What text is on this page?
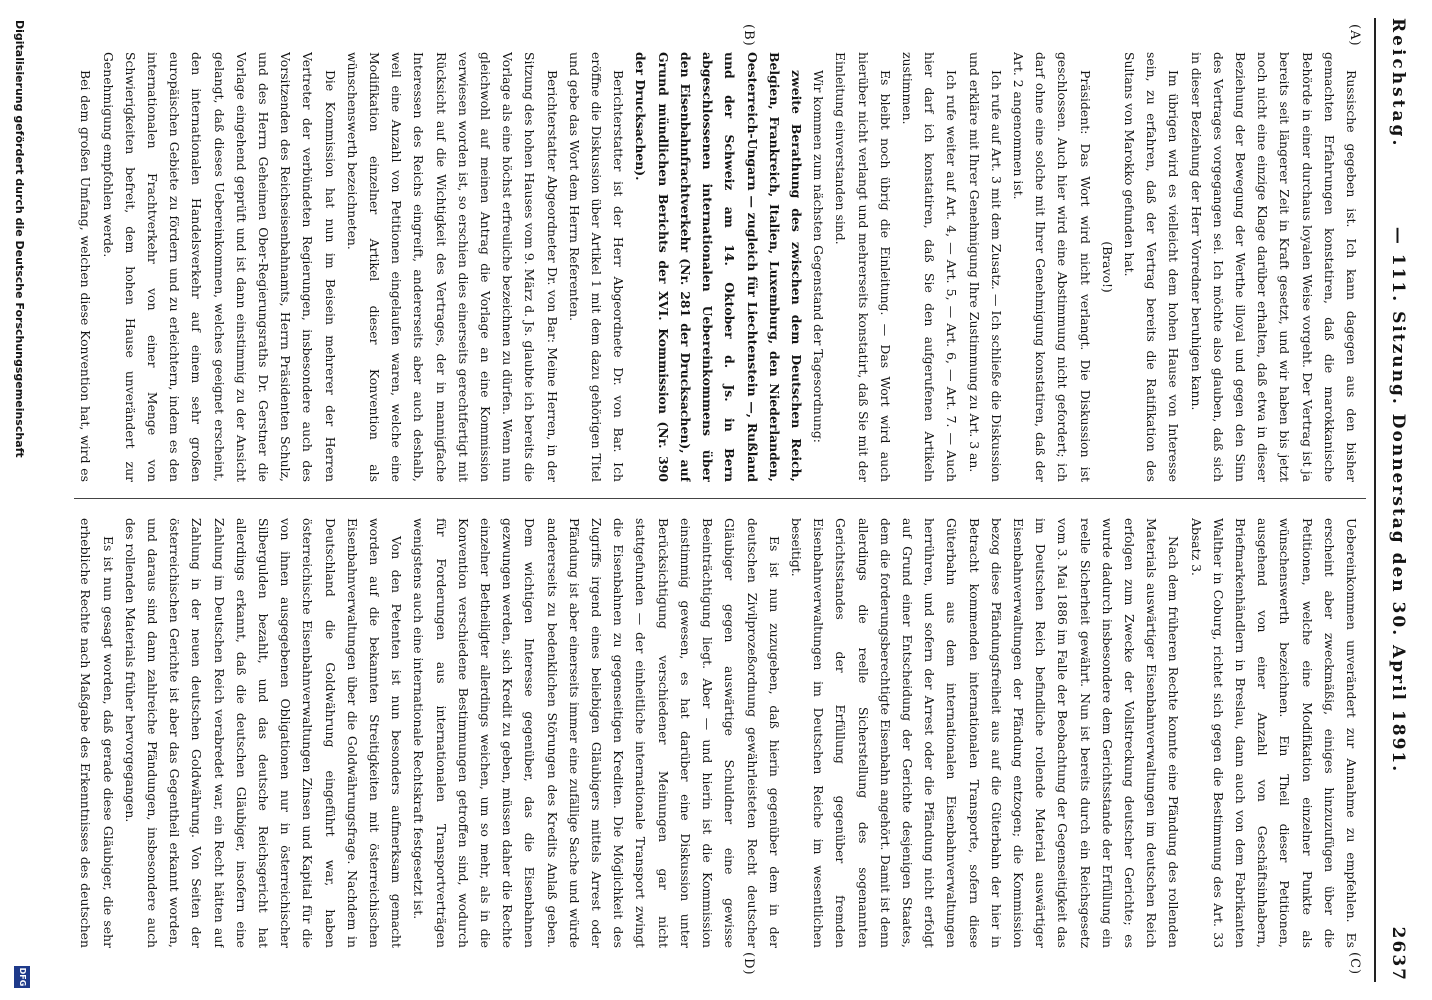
Reichstag.
— 111. Sitzung. Donnerstag den 30. April 1891.
2637
(A)
(B)
(C)
(D)

Russische gegeben ist. Ich kann dagegen aus den bisher gemachten Erfahrungen konstatiren, daß die marokkanische Behörde in einer durchaus loyalen Weise vorgeht. Der Vertrag ist ja bereits seit längerer Zeit in Kraft gesetzt, und wir haben bis jetzt noch nicht eine einzige Klage darüber erhalten, daß etwa in dieser Beziehung der Bewegung der Werthe illoyal und gegen den Sinn des Vertrages vorgegangen sei. Ich möchte also glauben, daß sich in dieser Beziehung der Herr Vorredner beruhigen kann.

Im übrigen wird es vielleicht dem hohen Hause von Interesse sein, zu erfahren, daß der Vertrag bereits die Ratifikation des Sultans von Marokko gefunden hat.

(Bravo!)

Präsident: Das Wort wird nicht verlangt. Die Diskussion ist geschlossen. Auch hier wird eine Abstimmung nicht gefordert; ich darf ohne eine solche mit Ihrer Genehmigung konstatiren, daß der Art. 2 angenommen ist.

Ich rufe auf Art. 3 mit dem Zusatz. — Ich schließe die Diskussion und erkläre mit Ihrer Genehmigung Ihre Zustimmung zu Art. 3 an.

Ich rufe weiter auf Art. 4, — Art. 5, — Art. 6, — Art. 7. — Auch hier darf ich konstatiren, daß Sie den aufgerufenen Artikeln zustimmen.

Es bleibt noch übrig die Einleitung. — Das Wort wird auch hierüber nicht verlangt und mehrerseits konstatirt, daß Sie mit der Einleitung einverstanden sind.

Wir kommen zum nächsten Gegenstand der Tagesordnung:

zweite Berathung des zwischen dem Deutschen Reich, Belgien, Frankreich, Italien, Luxemburg, den Niederlanden, Oesterreich-Ungarn — zugleich für Liechtenstein —, Rußland und der Schweiz am 14. Oktober d. Js. in Bern abgeschlossenen internationalen Uebereinkommens über den Eisenbahnfrachtverkehr (Nr. 281 der Drucksachen), auf Grund mündlichen Berichts der XVI. Kommission (Nr. 390 der Drucksachen).

Berichterstatter ist der Herr Abgeordnete Dr. von Bar. Ich eröffne die Diskussion über Artikel 1 mit dem dazu gehörigen Titel und gebe das Wort dem Herrn Referenten.

Berichterstatter Abgeordneter Dr. von Bar: Meine Herren, in der Sitzung des hohen Hauses vom 9. März d. Js. glaubte ich bereits die Vorlage als eine höchst erfreuliche bezeichnen zu dürfen. Wenn nun gleichwohl auf meinen Antrag die Vorlage an eine Kommission verwiesen worden ist, so erschien dies einerseits gerechtfertigt mit Rücksicht auf die Wichtigkeit des Vertrages, der in mannigfache Interessen des Reichs eingreift, andererseits aber auch deshalb, weil eine Anzahl von Petitionen eingelaufen waren, welche eine Modifikation einzelner Artikel dieser Konvention als wünschenswerth bezeichneten.

Die Kommission hat nun im Beisein mehrerer der Herren Vertreter der verbündeten Regierungen, insbesondere auch des Vorsitzenden des Reichseisenbahnamts, Herrn Präsidenten Schulz, und des Herrn Geheimen Ober-Regierungsraths Dr. Gerstner die Vorlage eingehend geprüft und ist dann einstimmig zu der Ansicht gelangt, daß dieses Uebereinkommen, welches geeignet erscheint, den internationalen Handelsverkehr auf einem sehr großen europäischen Gebiete zu fördern und zu erleichtern, indem es den internationalen Frachtverkehr von einer Menge von Schwierigkeiten befreit, dem hohen Hause unverändert zur Genehmigung empfohlen werde.

Bei dem großen Umfang, welchen diese Konvention hat, wird es

Uebereinkommen unverändert zur Annahme zu empfehlen. Es erscheint aber zweckmäßig, einiges hinzuzufügen über die Petitionen, welche eine Modifikation einzelner Punkte als wünschenswerth bezeichnen. Ein Theil dieser Petitionen, ausgehend von einer Anzahl von Geschäftsinhabern, Briefmarkenhändlern in Breslau, dann auch von dem Fabrikanten Walther in Coburg, richtet sich gegen die Bestimmung des Art. 33 Absatz 3.

Nach dem früheren Rechte konnte eine Pfändung des rollenden Materials auswärtiger Eisenbahnverwaltungen im deutschen Reich erfolgen zum Zwecke der Vollstreckung deutscher Gerichte; es wurde dadurch insbesondere dem Gerichtsstande der Erfüllung ein reelle Sicherheit gewährt. Nun ist bereits durch ein Reichsgesetz vom 3. Mai 1886 im Falle der Beobachtung der Gegenseitigkeit das im Deutschen Reich befindliche rollende Material auswärtiger Eisenbahnverwaltungen der Pfändung entzogen; die Kommission bezog diese Pfändungsfreiheit aus auf die Güterbahn der hier in Betracht kommenden internationalen Transporte, sofern diese Güterbahn aus dem internationalen Eisenbahnverwaltungen herrühren, und sofern der Arrest oder die Pfändung nicht erfolgt auf Grund einer Entscheidung der Gerichte desjenigen Staates, dem die forderungsberechtigte Eisenbahn angehört. Damit ist denn allerdings die reelle Sicherstellung des sogenannten Gerichtsstandes der Erfüllung gegenüber fremden Eisenbahnverwaltungen im Deutschen Reiche im wesentlichen beseitigt.

Es ist nun zuzugeben, daß hierin gegenüber dem in der deutschen Zivilprozeßordnung gewährleisteten Recht deutscher Gläubiger gegen auswärtige Schuldner eine gewisse Beeinträchtigung liegt. Aber — und hierin ist die Kommission einstimmig gewesen, es hat darüber eine Diskussion unter Berücksichtigung verschiedener Meinungen gar nicht stattgefunden — der einheitliche internationale Transport zwingt die Eisenbahnen zu gegenseitigen Krediten. Die Möglichkeit des Zugriffs irgend eines beliebigen Gläubigers mittels Arrest oder Pfändung ist aber einerseits immer eine zufällige Sache und würde andererseits zu bedenklichen Störungen des Kredits Anlaß geben. Dem wichtigen Interesse gegenüber, das die Eisenbahnen gezwungen werden, sich Kredit zu geben, müssen daher die Rechte einzelner Betheiligter allerdings weichen, um so mehr, als in die Konvention verschiedene Bestimmungen getroffen sind, wodurch für Forderungen aus internationalen Transportverträgen wenigstens auch eine internationale Rechtskraft festgesetzt ist.

Von den Petenten ist nun besonders aufmerksam gemacht worden auf die bekannten Streitigkeiten mit österreichischen Eisenbahnverwaltungen über die Goldwährungsfrage. Nachdem in Deutschland die Goldwährung eingeführt war, haben österreichische Eisenbahnverwaltungen Zinsen und Kapital für die von ihnen ausgegebenen Obligationen nur in österreichischer Silbergulden bezahlt, und das deutsche Reichsgericht hat allerdings erkannt, daß die deutschen Gläubiger, insofern eine Zahlung im Deutschen Reich verabredet war, ein Recht hätten auf Zahlung in der neuen deutschen Goldwährung. Von Seiten der österreichischen Gerichte ist aber das Gegentheil erkannt worden, und daraus sind dann zahlreiche Pfändungen, insbesondere auch des rollenden Materials früher hervorgegangen.

Es ist nun gesagt worden, daß gerade diese Gläubiger, die sehr erhebliche Rechte nach Maßgabe des Erkenntnisses des deutschen

Digitalisierung gefördert durch die Deutsche Forschungsgemeinschaft
DFG
